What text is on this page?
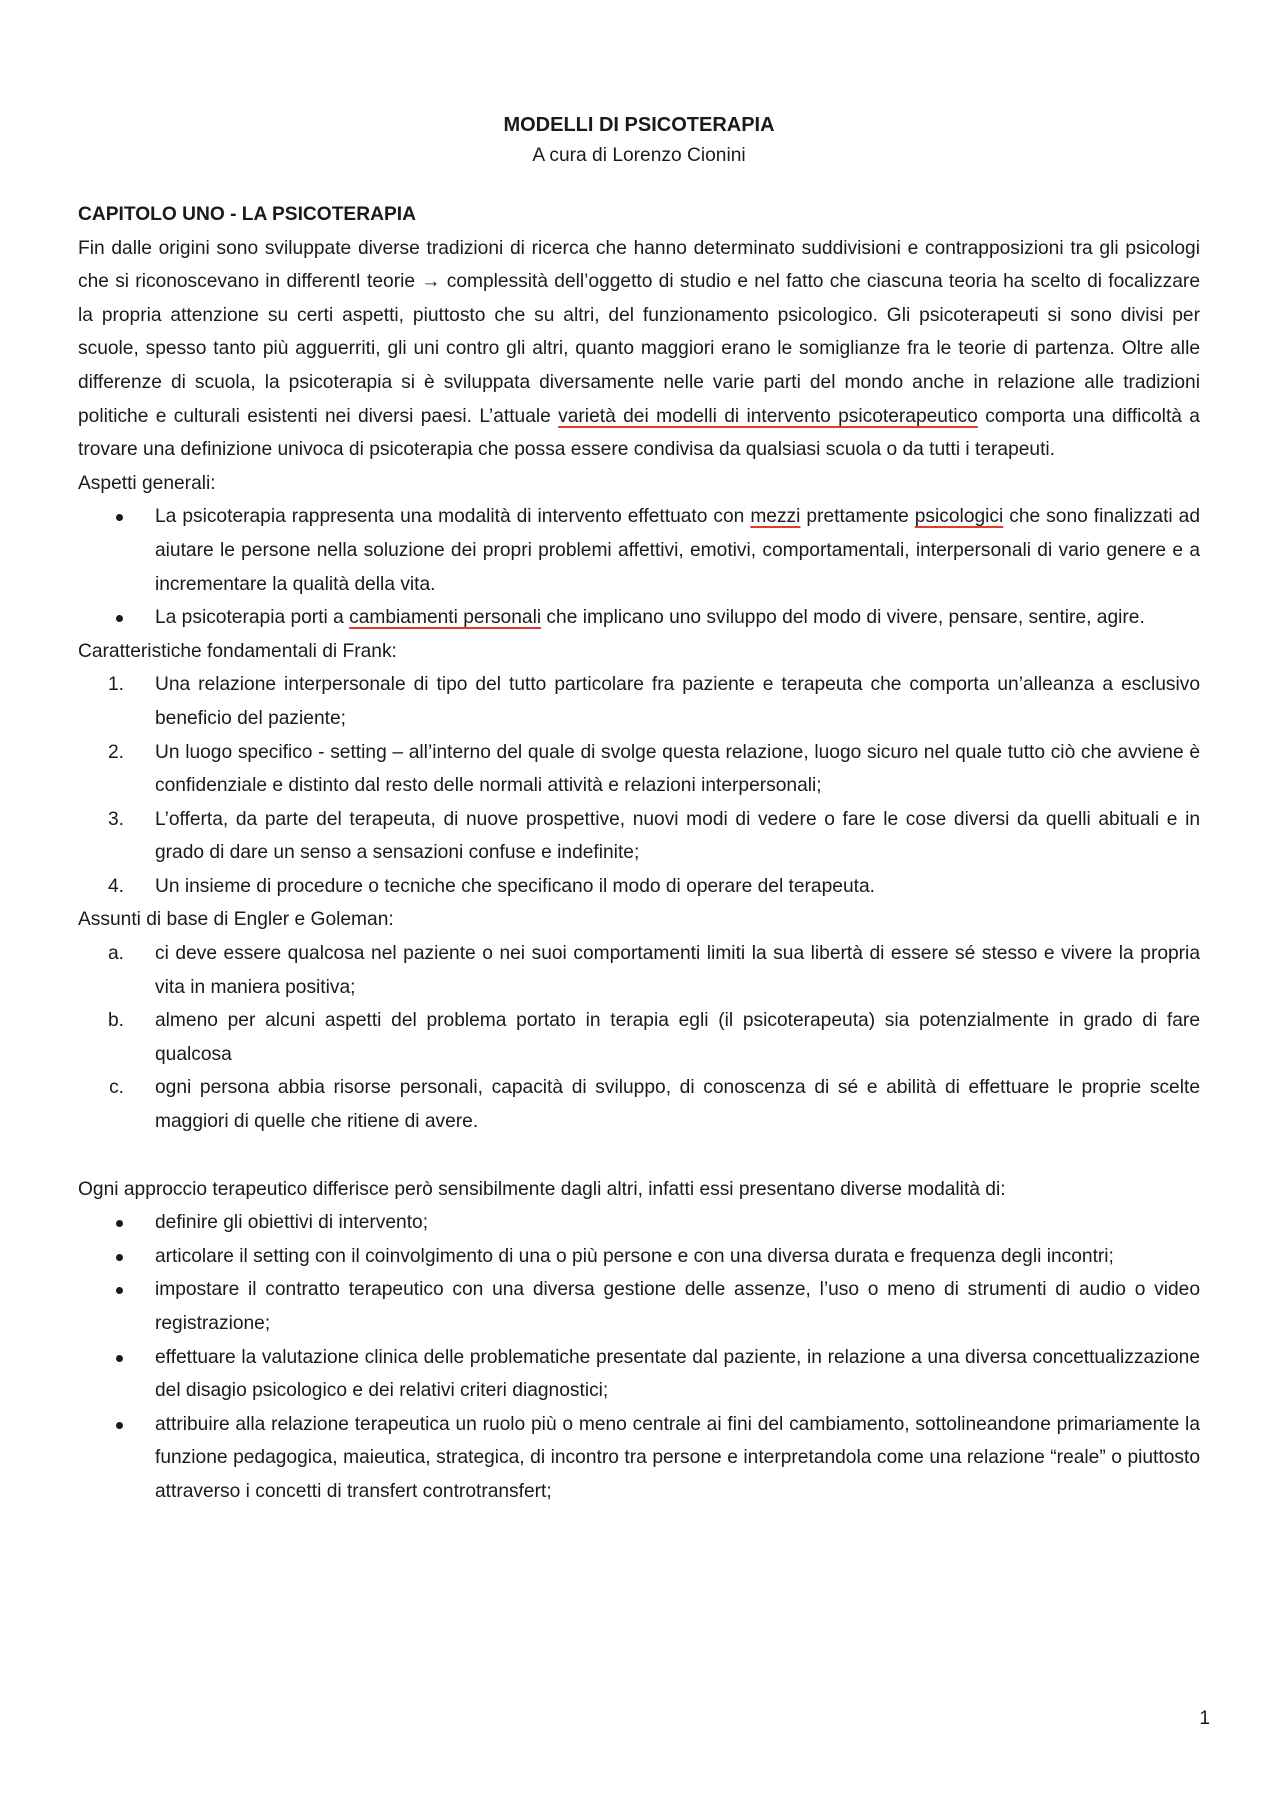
MODELLI DI PSICOTERAPIA
A cura di Lorenzo Cionini
CAPITOLO UNO - LA PSICOTERAPIA

Fin dalle origini sono sviluppate diverse tradizioni di ricerca che hanno determinato suddivisioni e contrapposizioni tra gli psicologi che si riconoscevano in differentI teorie → complessità dell’oggetto di studio e nel fatto che ciascuna teoria ha scelto di focalizzare la propria attenzione su certi aspetti, piuttosto che su altri, del funzionamento psicologico. Gli psicoterapeuti si sono divisi per scuole, spesso tanto più agguerriti, gli uni contro gli altri, quanto maggiori erano le somiglianze fra le teorie di partenza. Oltre alle differenze di scuola, la psicoterapia si è sviluppata diversamente nelle varie parti del mondo anche in relazione alle tradizioni politiche e culturali esistenti nei diversi paesi. L’attuale varietà dei modelli di intervento psicoterapeutico comporta una difficoltà a trovare una definizione univoca di psicoterapia che possa essere condivisa da qualsiasi scuola o da tutti i terapeuti.

Aspetti generali:
La psicoterapia rappresenta una modalità di intervento effettuato con mezzi prettamente psicologici che sono finalizzati ad aiutare le persone nella soluzione dei propri problemi affettivi, emotivi, comportamentali, interpersonali di vario genere e a incrementare la qualità della vita.
La psicoterapia porti a cambiamenti personali che implicano uno sviluppo del modo di vivere, pensare, sentire, agire.
Caratteristiche fondamentali di Frank:
1. Una relazione interpersonale di tipo del tutto particolare fra paziente e terapeuta che comporta un’alleanza a esclusivo beneficio del paziente;
2. Un luogo specifico - setting – all’interno del quale di svolge questa relazione, luogo sicuro nel quale tutto ciò che avviene è confidenziale e distinto dal resto delle normali attività e relazioni interpersonali;
3. L’offerta, da parte del terapeuta, di nuove prospettive, nuovi modi di vedere o fare le cose diversi da quelli abituali e in grado di dare un senso a sensazioni confuse e indefinite;
4. Un insieme di procedure o tecniche che specificano il modo di operare del terapeuta.
Assunti di base di Engler e Goleman:
a. ci deve essere qualcosa nel paziente o nei suoi comportamenti limiti la sua libertà di essere sé stesso e vivere la propria vita in maniera positiva;
b. almeno per alcuni aspetti del problema portato in terapia egli (il psicoterapeuta) sia potenzialmente in grado di fare qualcosa
c. ogni persona abbia risorse personali, capacità di sviluppo, di conoscenza di sé e abilità di effettuare le proprie scelte maggiori di quelle che ritiene di avere.
Ogni approccio terapeutico differisce però sensibilmente dagli altri, infatti essi presentano diverse modalità di:
definire gli obiettivi di intervento;
articolare il setting con il coinvolgimento di una o più persone e con una diversa durata e frequenza degli incontri;
impostare il contratto terapeutico con una diversa gestione delle assenze, l’uso o meno di strumenti di audio o video registrazione;
effettuare la valutazione clinica delle problematiche presentate dal paziente, in relazione a una diversa concettualizzazione del disagio psicologico e dei relativi criteri diagnostici;
attribuire alla relazione terapeutica un ruolo più o meno centrale ai fini del cambiamento, sottolineandone primariamente la funzione pedagogica, maieutica, strategica, di incontro tra persone e interpretandola come una relazione “reale” o piuttosto attraverso i concetti di transfert controtransfert;
1
